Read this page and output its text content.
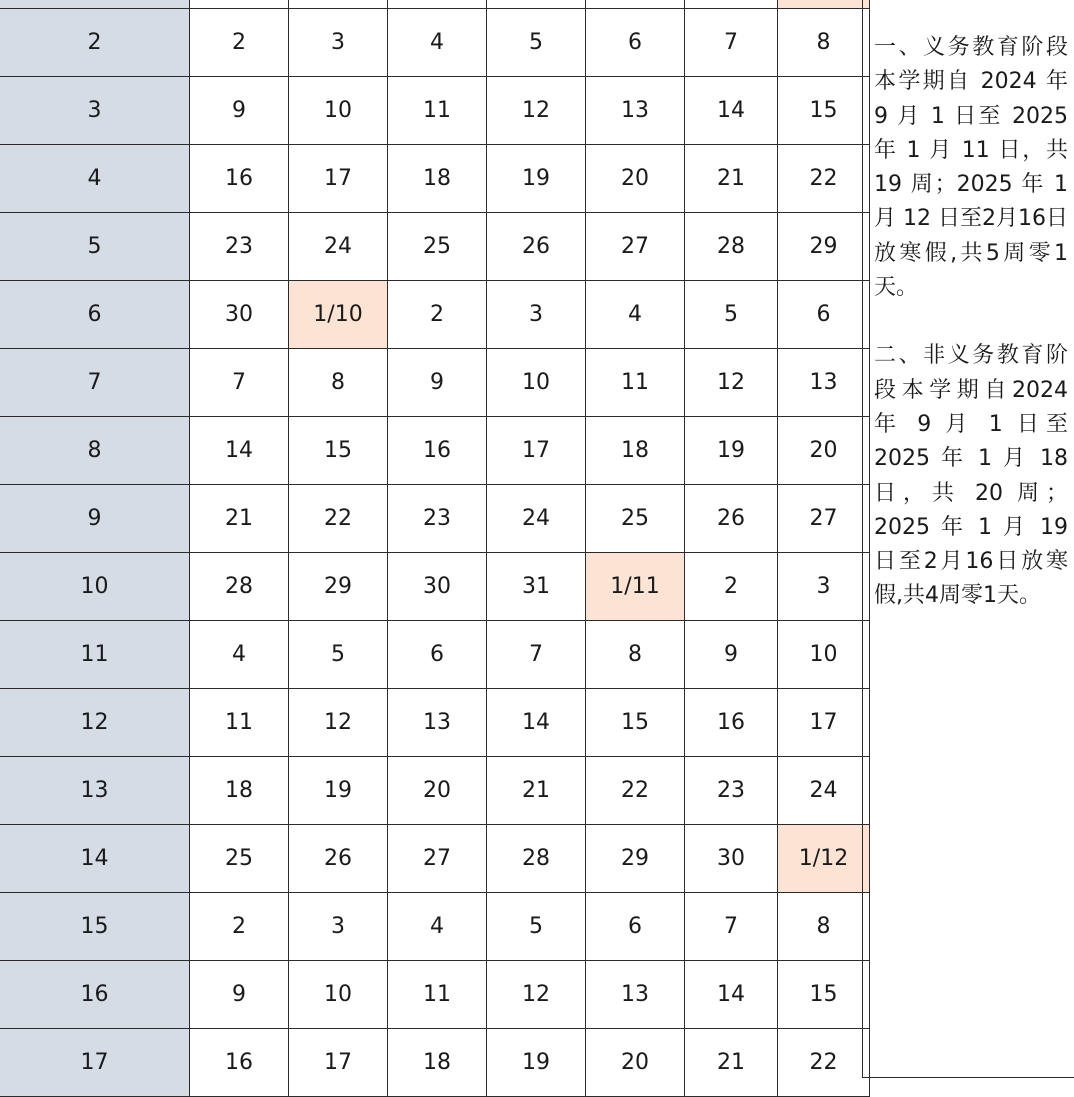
2	2	3	4	5	6	7	8
3	9	10	11	12	13	14	15
4	16	17	18	19	20	21	22
5	23	24	25	26	27	28	29
6	30	1/10	2	3	4	5	6
7	7	8	9	10	11	12	13
8	14	15	16	17	18	19	20
9	21	22	23	24	25	26	27
10	28	29	30	31	1/11	2	3
11	4	5	6	7	8	9	10
12	11	12	13	14	15	16	17
13	18	19	20	21	22	23	24
14	25	26	27	28	29	30	1/12
15	2	3	4	5	6	7	8
16	9	10	11	12	13	14	15
17	16	17	18	19	20	21	22

一、义务教育阶段本学期自 2024 年 9 月 1 日至 2025 年 1 月 11 日，共 19 周；2025 年 1 月 12 日至2月16日放寒假,共5周零1天。

二、非义务教育阶段本学期自2024 年 9 月 1 日至 2025 年 1 月 18 日，共 20 周；2025 年 1 月 19 日至2月16日放寒假,共4周零1天。
